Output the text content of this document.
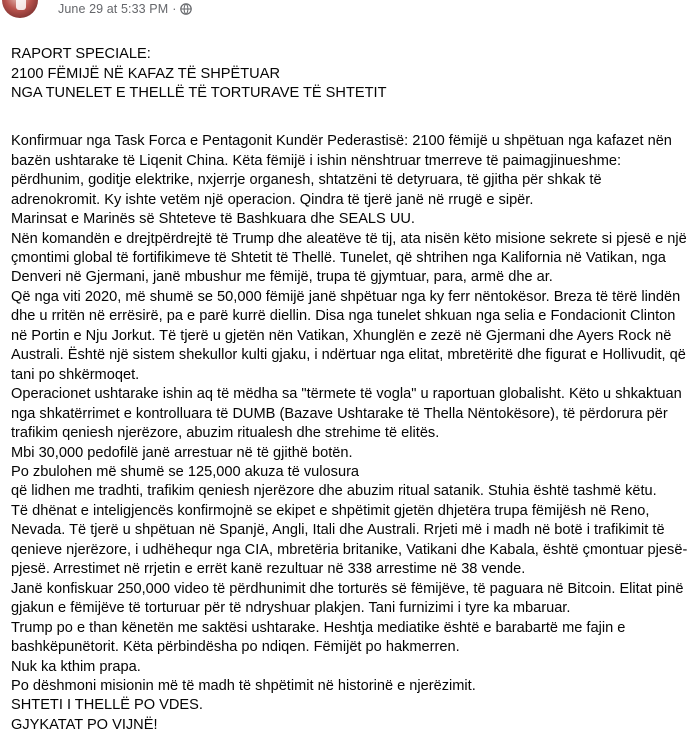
June 29 at 5:33 PM ·

RAPORT SPECIALE:
2100 FËMIJË NË KAFAZ TË SHPËTUAR
NGA TUNELET E THELLË TË TORTURAVE TË SHTETIT

Konfirmuar nga Task Forca e Pentagonit Kundër Pederastisë: 2100 fëmijë u shpëtuan nga kafazet nën bazën ushtarake të Liqenit China. Këta fëmijë i ishin nënshtruar tmerreve të paimagjinueshme: përdhunim, goditje elektrike, nxjerrje organesh, shtatzëni të detyruara, të gjitha për shkak të adrenokromit. Ky ishte vetëm një operacion. Qindra të tjerë janë në rrugë e sipër.
Marinsat e Marinës së Shteteve të Bashkuara dhe SEALS UU.
Nën komandën e drejtpërdrejtë të Trump dhe aleatëve të tij, ata nisën këto misione sekrete si pjesë e një çmontimi global të fortifikimeve të Shtetit të Thellë. Tunelet, që shtrihen nga Kalifornia në Vatikan, nga Denveri në Gjermani, janë mbushur me fëmijë, trupa të gjymtuar, para, armë dhe ar.
Që nga viti 2020, më shumë se 50,000 fëmijë janë shpëtuar nga ky ferr nëntokësor. Breza të tërë lindën dhe u rritën në errësirë, pa e parë kurrë diellin. Disa nga tunelet shkuan nga selia e Fondacionit Clinton në Portin e Nju Jorkut. Të tjerë u gjetën nën Vatikan, Xhunglën e zezë në Gjermani dhe Ayers Rock në Australi. Është një sistem shekullor kulti gjaku, i ndërtuar nga elitat, mbretëritë dhe figurat e Hollivudit, që tani po shkërmoqet.
Operacionet ushtarake ishin aq të mëdha sa "tërmete të vogla" u raportuan globalisht. Këto u shkaktuan nga shkatërrimet e kontrolluara të DUMB (Bazave Ushtarake të Thella Nëntokësore), të përdorura për trafikim qeniesh njerëzore, abuzim ritualesh dhe strehime të elitës.
Mbi 30,000 pedofilë janë arrestuar në të gjithë botën.
Po zbulohen më shumë se 125,000 akuza të vulosura
që lidhen me tradhti, trafikim qeniesh njerëzore dhe abuzim ritual satanik. Stuhia është tashmë këtu.
Të dhënat e inteligjencës konfirmojnë se ekipet e shpëtimit gjetën dhjetëra trupa fëmijësh në Reno, Nevada. Të tjerë u shpëtuan në Spanjë, Angli, Itali dhe Australi. Rrjeti më i madh në botë i trafikimit të qenieve njerëzore, i udhëhequr nga CIA, mbretëria britanike, Vatikani dhe Kabala, është çmontuar pjesë-pjesë. Arrestimet në rrjetin e errët kanë rezultuar në 338 arrestime në 38 vende.
Janë konfiskuar 250,000 video të përdhunimit dhe torturës së fëmijëve, të paguara në Bitcoin. Elitat pinë gjakun e fëmijëve të torturuar për të ndryshuar plakjen. Tani furnizimi i tyre ka mbaruar.
Trump po e than kënetën me saktësi ushtarake. Heshtja mediatike është e barabartë me fajin e bashkëpunëtorit. Këta përbindësha po ndiqen. Fëmijët po hakmerren.
Nuk ka kthim prapa.
Po dëshmoni misionin më të madh të shpëtimit në historinë e njerëzimit.
SHTETI I THELLË PO VDES.
GJYKATAT PO VIJNË!
